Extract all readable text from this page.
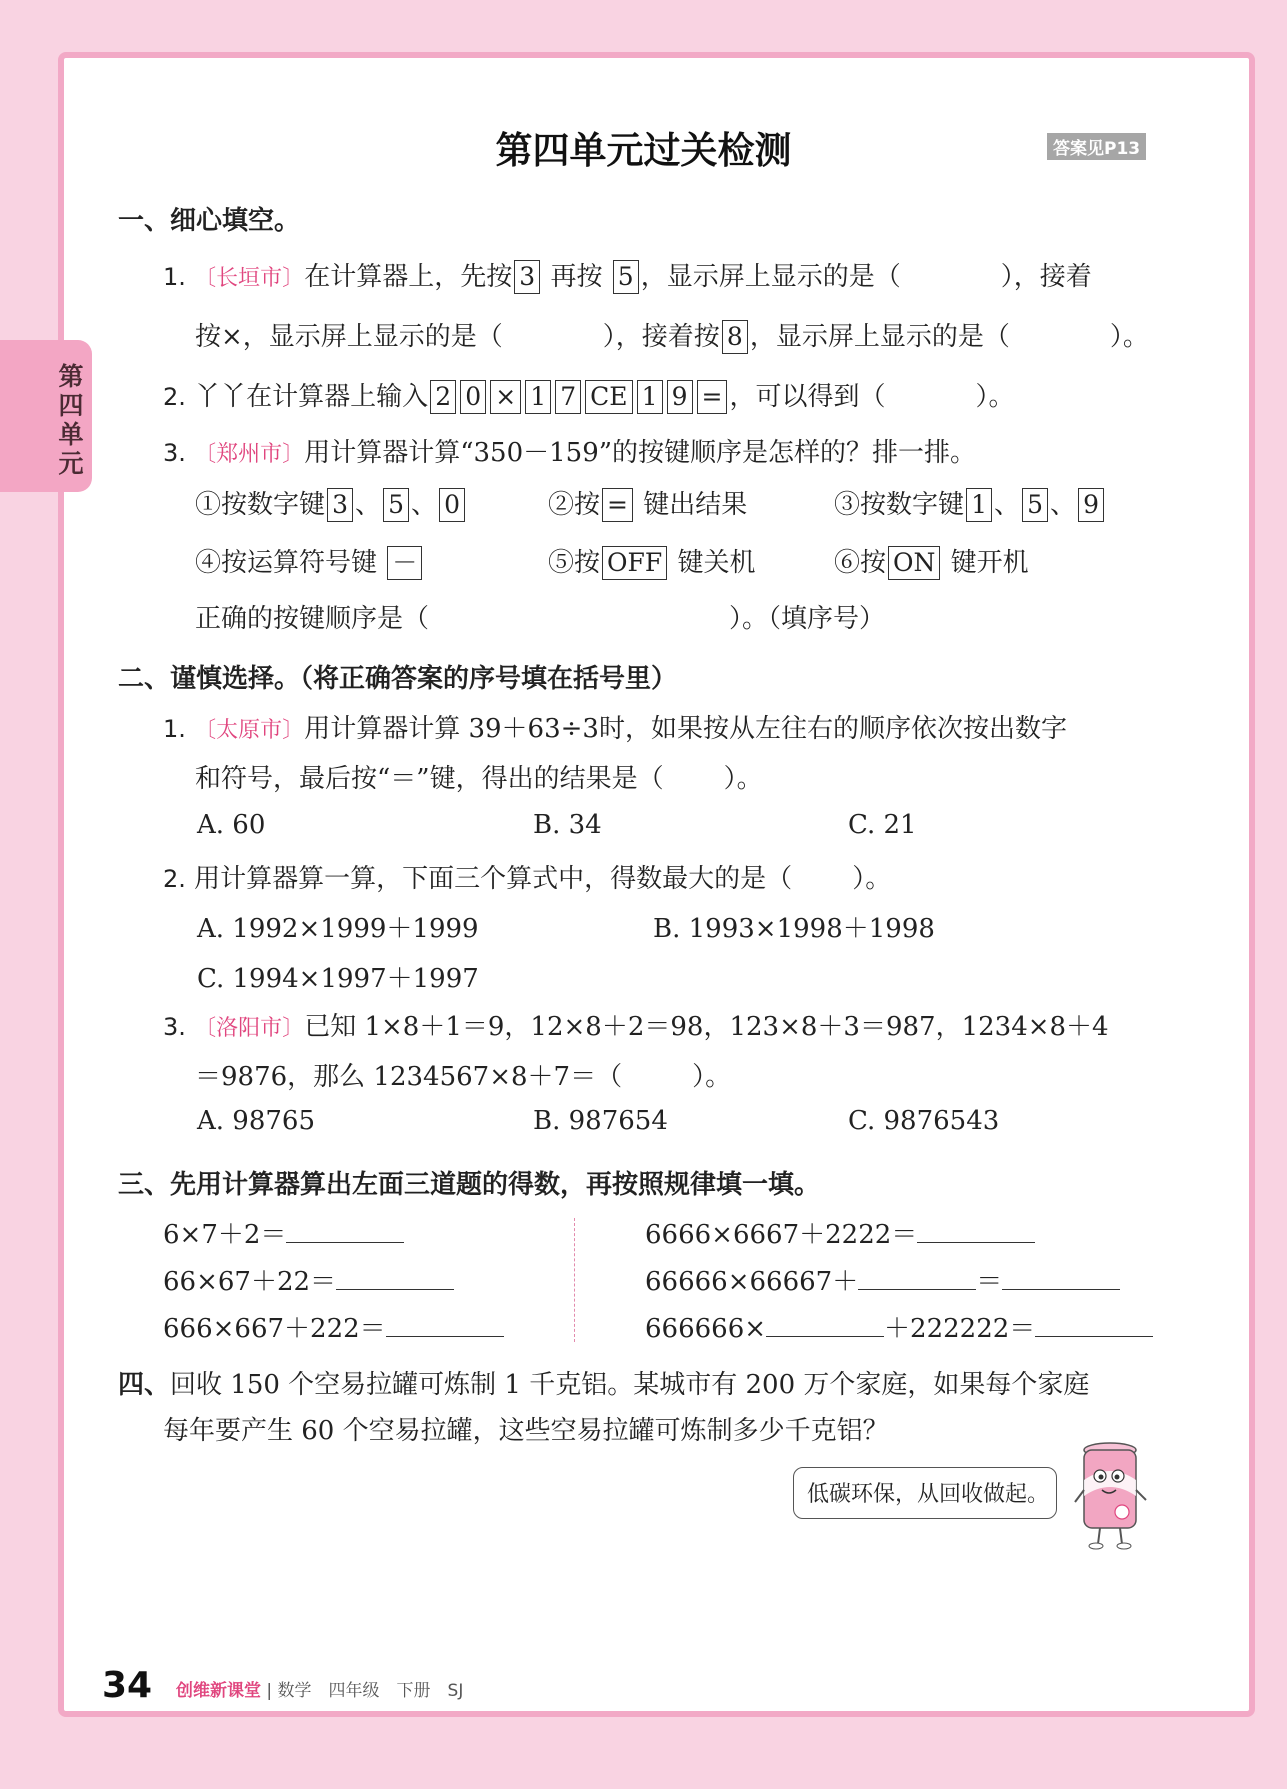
第四单元
第四单元过关检测	答案见P13
一、细心填空。
1. 〔长垣市〕在计算器上，先按 3 再按 5 ，显示屏上显示的是（	），接着
按×，显示屏上显示的是（	），接着按 8 ，显示屏上显示的是（	）。
2. 丫丫在计算器上输入 2 0 × 1 7 CE 1 9 = ，可以得到（	）。
3. 〔郑州市〕用计算器计算“350－159”的按键顺序是怎样的？排一排。
①按数字键 3 、 5 、 0	②按 = 键出结果	③按数字键 1 、 5 、 9
④按运算符号键 －	⑤按 OFF 键关机	⑥按 ON 键开机
正确的按键顺序是（	）。（填序号）
二、谨慎选择。（将正确答案的序号填在括号里）
1. 〔太原市〕用计算器计算 39＋63÷3时，如果按从左往右的顺序依次按出数字
和符号，最后按“＝”键，得出的结果是（ ）。
A. 60	B. 34	C. 21
2. 用计算器算一算，下面三个算式中，得数最大的是（ ）。
A. 1992×1999＋1999	B. 1993×1998＋1998
C. 1994×1997＋1997
3. 〔洛阳市〕已知 1×8＋1＝9，12×8＋2＝98，123×8＋3＝987，1234×8＋4
＝9876，那么 1234567×8＋7＝（	）。
A. 98765	B. 987654	C. 9876543
三、先用计算器算出左面三道题的得数，再按照规律填一填。
6×7＋2＝
66×67＋22＝
666×667＋222＝
6666×6667＋2222＝
66666×66667＋	＝
666666×	＋222222＝
四、回收 150 个空易拉罐可炼制 1 千克铝。某城市有 200 万个家庭，如果每个家庭
每年要产生 60 个空易拉罐，这些空易拉罐可炼制多少千克铝？
低碳环保，从回收做起。
34 创维新课堂 | 数学　四年级　下册　SJ
